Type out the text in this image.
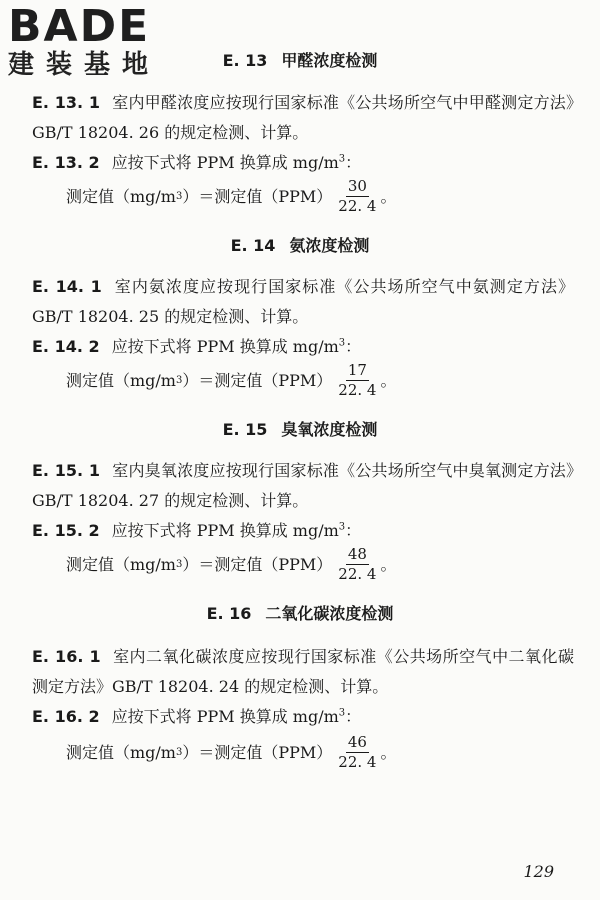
BADE
建装基地	E. 13 甲醛浓度检测
E. 13. 1 室内甲醛浓度应按现行国家标准《公共场所空气中甲醛测定方法》GB/T 18204. 26 的规定检测、计算。
E. 13. 2 应按下式将 PPM 换算成 $mg/m^3$：
测定值（mg/m 3 ）＝测定值$(PPM) \frac{30}{22. 4}$ 。
E. 14 氨浓度检测
E. 14. 1 室内氨浓度应按现行国家标准《公共场所空气中氨测定方法》GB/T 18204. 25 的规定检测、计算。
E. 14. 2 应按下式将 PPM 换算成 $mg/m^3$：
测定值（mg/m 3 ）＝测定值$(PPM) \frac{17}{22. 4}$ 。
E. 15 臭氧浓度检测
E. 15. 1 室内臭氧浓度应按现行国家标准《公共场所空气中臭氧测定方法》GB/T 18204. 27 的规定检测、计算。
E. 15. 2 应按下式将 PPM 换算成 $mg/m^3$：
测定值（mg/m 3 ）＝测定值$(PPM) \frac{48}{22. 4}$ 。
E. 16 二氧化碳浓度检测
E. 16. 1 室内二氧化碳浓度应按现行国家标准《公共场所空气中二氧化碳测定方法》GB/T 18204. 24 的规定检测、计算。
E. 16. 2 应按下式将 PPM 换算成 $mg/m^3$：
测定值（mg/m 3 ）＝测定值$(PPM) \frac{46}{22. 4}$ 。
129
